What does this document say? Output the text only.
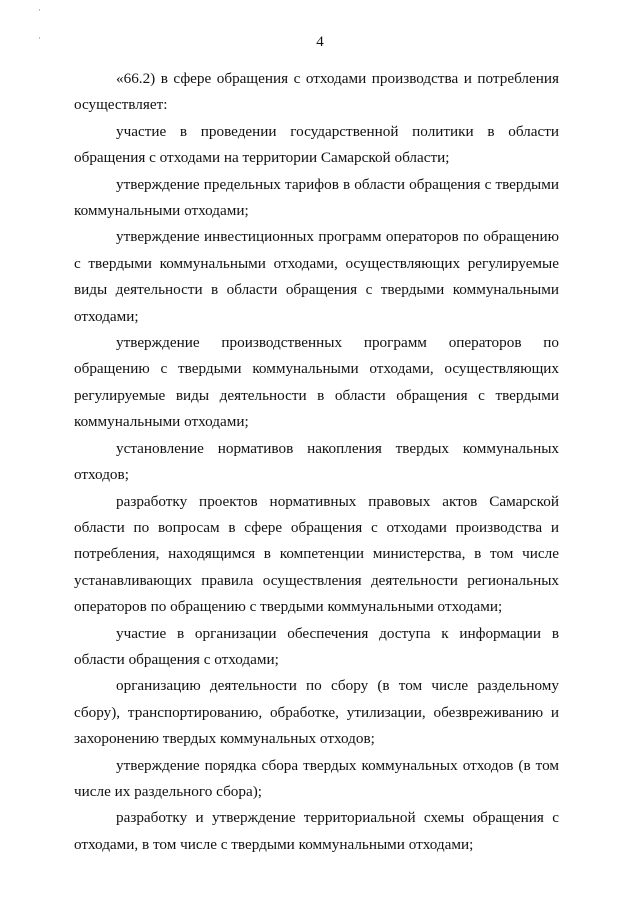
·
·	4

«66.2) в сфере обращения с отходами производства и потребления осуществляет:

участие в проведении государственной политики в области обращения с отходами на территории Самарской области;

утверждение предельных тарифов в области обращения с твердыми коммунальными отходами;

утверждение инвестиционных программ операторов по обращению с твердыми коммунальными отходами, осуществляющих регулируемые виды деятельности в области обращения с твердыми коммунальными отходами;

утверждение производственных программ операторов по обращению с твердыми коммунальными отходами, осуществляющих регулируемые виды деятельности в области обращения с твердыми коммунальными отходами;

установление нормативов накопления твердых коммунальных отходов;

разработку проектов нормативных правовых актов Самарской области по вопросам в сфере обращения с отходами производства и потребления, находящимся в компетенции министерства, в том числе устанавливающих правила осуществления деятельности региональных операторов по обращению с твердыми коммунальными отходами;

участие в организации обеспечения доступа к информации в области обращения с отходами;

организацию деятельности по сбору (в том числе раздельному сбору), транспортированию, обработке, утилизации, обезвреживанию и захоронению твердых коммунальных отходов;

утверждение порядка сбора твердых коммунальных отходов (в том числе их раздельного сбора);

разработку и утверждение территориальной схемы обращения с отходами, в том числе с твердыми коммунальными отходами;
